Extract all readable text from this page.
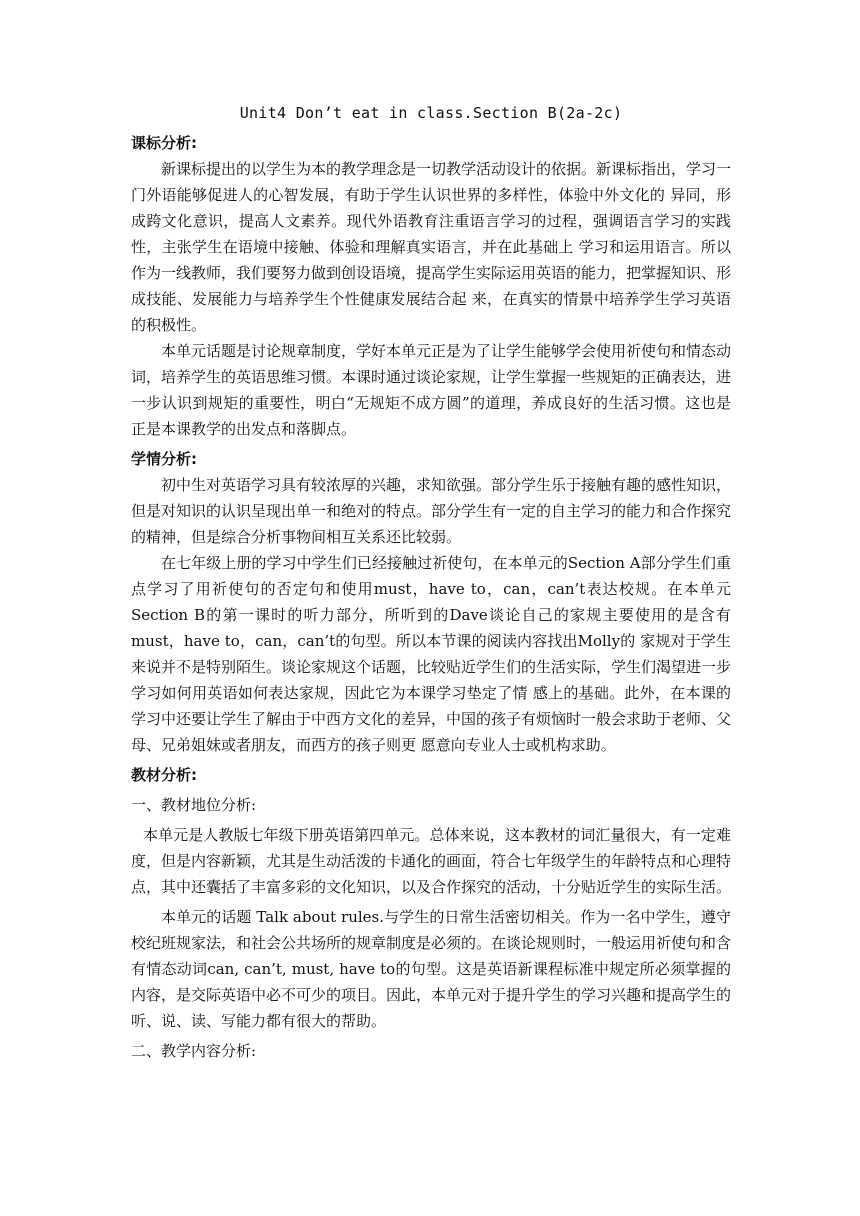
Unit4 Don’t eat in class.Section B(2a-2c)
课标分析:

新课标提出的以学生为本的教学理念是一切教学活动设计的依据。新课标指出，学习一门外语能够促进人的心智发展，有助于学生认识世界的多样性，体验中外文化的 异同，形成跨文化意识，提高人文素养。现代外语教育注重语言学习的过程，强调语言学习的实践性，主张学生在语境中接触、体验和理解真实语言，并在此基础上 学习和运用语言。所以作为一线教师，我们要努力做到创设语境，提高学生实际运用英语的能力，把掌握知识、形成技能、发展能力与培养学生个性健康发展结合起 来，在真实的情景中培养学生学习英语的积极性。

本单元话题是讨论规章制度，学好本单元正是为了让学生能够学会使用祈使句和情态动词，培养学生的英语思维习惯。本课时通过谈论家规，让学生掌握一些规矩的正确表达，进一步认识到规矩的重要性，明白“无规矩不成方圆”的道理，养成良好的生活习惯。这也是正是本课教学的出发点和落脚点。

学情分析:

初中生对英语学习具有较浓厚的兴趣，求知欲强。部分学生乐于接触有趣的感性知识，但是对知识的认识呈现出单一和绝对的特点。部分学生有一定的自主学习的能力和合作探究的精神，但是综合分析事物间相互关系还比较弱。

在七年级上册的学习中学生们已经接触过祈使句，在本单元的Section A部分学生们重点学习了用祈使句的否定句和使用must，have to，can，can’t表达校规。在本单元Section B的第一课时的听力部分，所听到的Dave谈论自己的家规主要使用的是含有must，have to，can，can’t的句型。所以本节课的阅读内容找出Molly的 家规对于学生来说并不是特别陌生。谈论家规这个话题，比较贴近学生们的生活实际，学生们渴望进一步学习如何用英语如何表达家规，因此它为本课学习垫定了情 感上的基础。此外，在本课的学习中还要让学生了解由于中西方文化的差异，中国的孩子有烦恼时一般会求助于老师、父母、兄弟姐妹或者朋友，而西方的孩子则更 愿意向专业人士或机构求助。

教材分析:
一、教材地位分析:

本单元是人教版七年级下册英语第四单元。总体来说，这本教材的词汇量很大，有一定难度，但是内容新颖，尤其是生动活泼的卡通化的画面，符合七年级学生的年龄特点和心理特点，其中还囊括了丰富多彩的文化知识，以及合作探究的活动，十分贴近学生的实际生活。

本单元的话题 Talk about rules.与学生的日常生活密切相关。作为一名中学生，遵守校纪班规家法，和社会公共场所的规章制度是必须的。在谈论规则时，一般运用祈使句和含有情态动词can, can’t, must, have to的句型。这是英语新课程标准中规定所必须掌握的内容，是交际英语中必不可少的项目。因此，本单元对于提升学生的学习兴趣和提高学生的听、说、读、写能力都有很大的帮助。

二、教学内容分析:
